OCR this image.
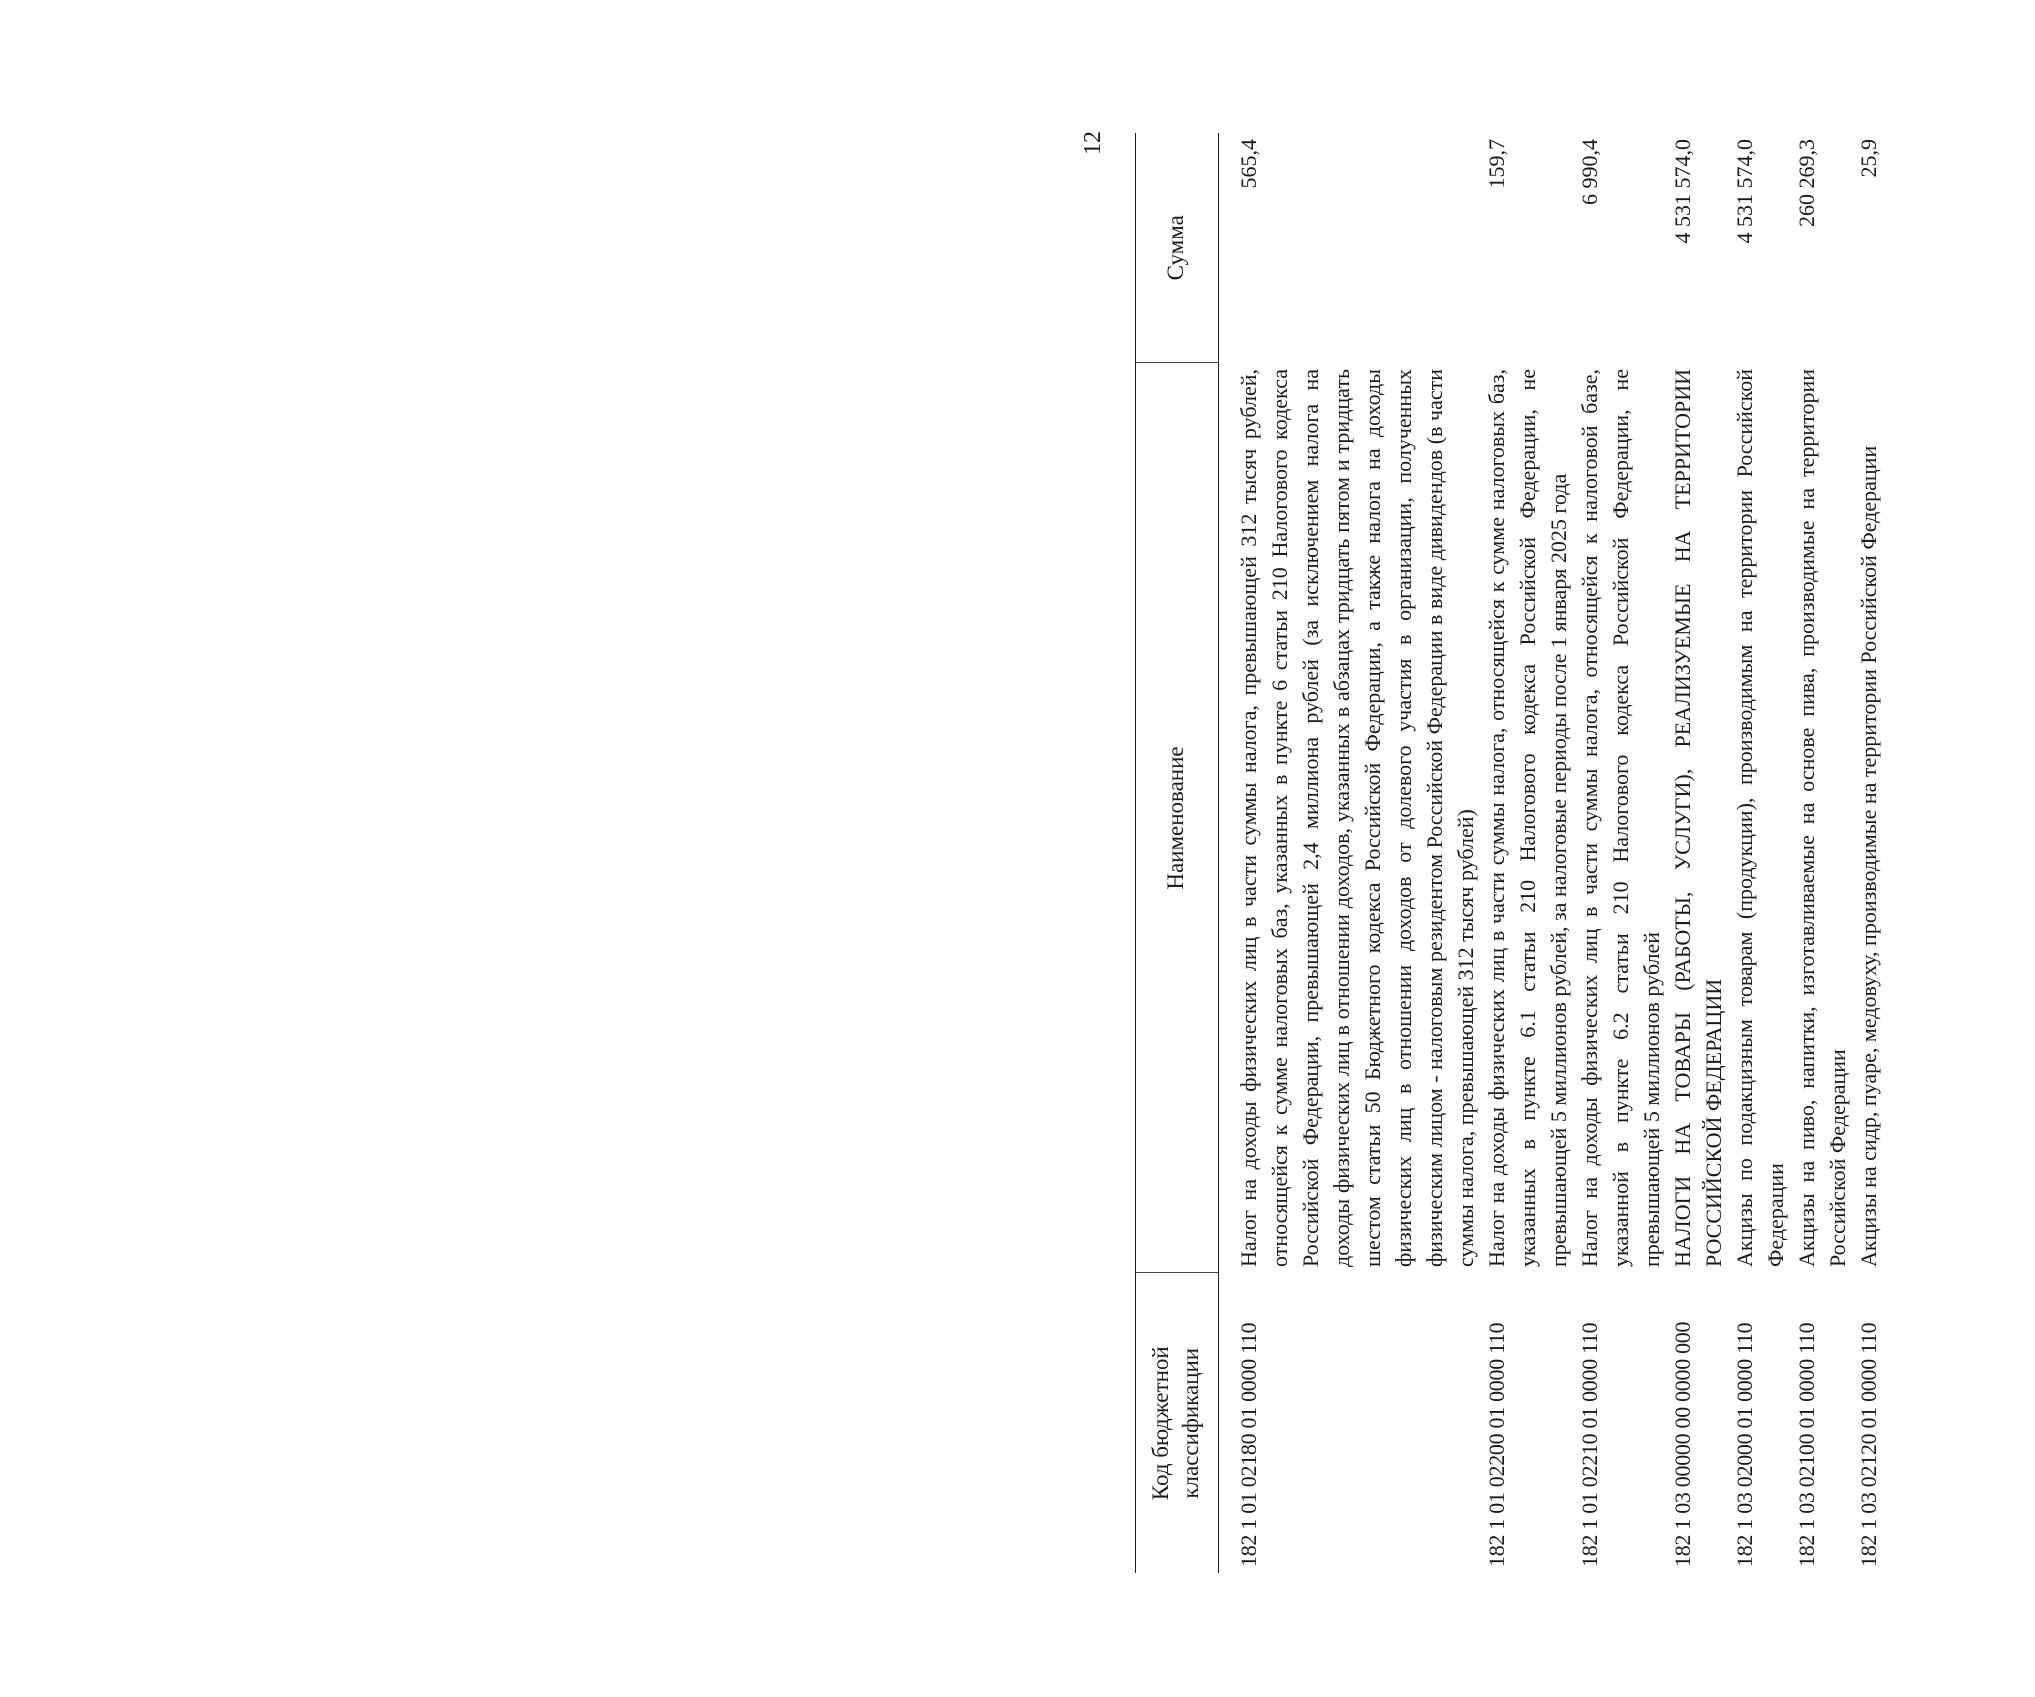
12
Код бюджетной классификации	Наименование	Сумма
182 1 01 02180 01 0000 110	Налог на доходы физических лиц в части суммы налога, превышающей 312 тысяч рублей, относящейся к сумме налоговых баз, указанных в пункте 6 статьи 210 Налогового кодекса Российской Федерации, превышающей 2,4 миллиона рублей (за исключением налога на доходы физических лиц в отношении доходов, указанных в абзацах тридцать пятом и тридцать шестом статьи 50 Бюджетного кодекса Российской Федерации, а также налога на доходы физических лиц в отношении доходов от долевого участия в организации, полученных физическим лицом - налоговым резидентом Российской Федерации в виде дивидендов (в части суммы налога, превышающей 312 тысяч рублей)	565,4
182 1 01 02200 01 0000 110	Налог на доходы физических лиц в части суммы налога, относящейся к сумме налоговых баз, указанных в пункте 6.1 статьи 210 Налогового кодекса Российской Федерации, не превышающей 5 миллионов рублей, за налоговые периоды после 1 января 2025 года	159,7
182 1 01 02210 01 0000 110	Налог на доходы физических лиц в части суммы налога, относящейся к налоговой базе, указанной в пункте 6.2 статьи 210 Налогового кодекса Российской Федерации, не превышающей 5 миллионов рублей	6 990,4
182 1 03 00000 00 0000 000	НАЛОГИ НА ТОВАРЫ (РАБОТЫ, УСЛУГИ), РЕАЛИЗУЕМЫЕ НА ТЕРРИТОРИИ РОССИЙСКОЙ ФЕДЕРАЦИИ	4 531 574,0
182 1 03 02000 01 0000 110	Акцизы по подакцизным товарам (продукции), производимым на территории Российской Федерации	4 531 574,0
182 1 03 02100 01 0000 110	Акцизы на пиво, напитки, изготавливаемые на основе пива, производимые на территории Российской Федерации	260 269,3
182 1 03 02120 01 0000 110	Акцизы на сидр, пуаре, медовуху, производимые на территории Российской Федерации	25,9
